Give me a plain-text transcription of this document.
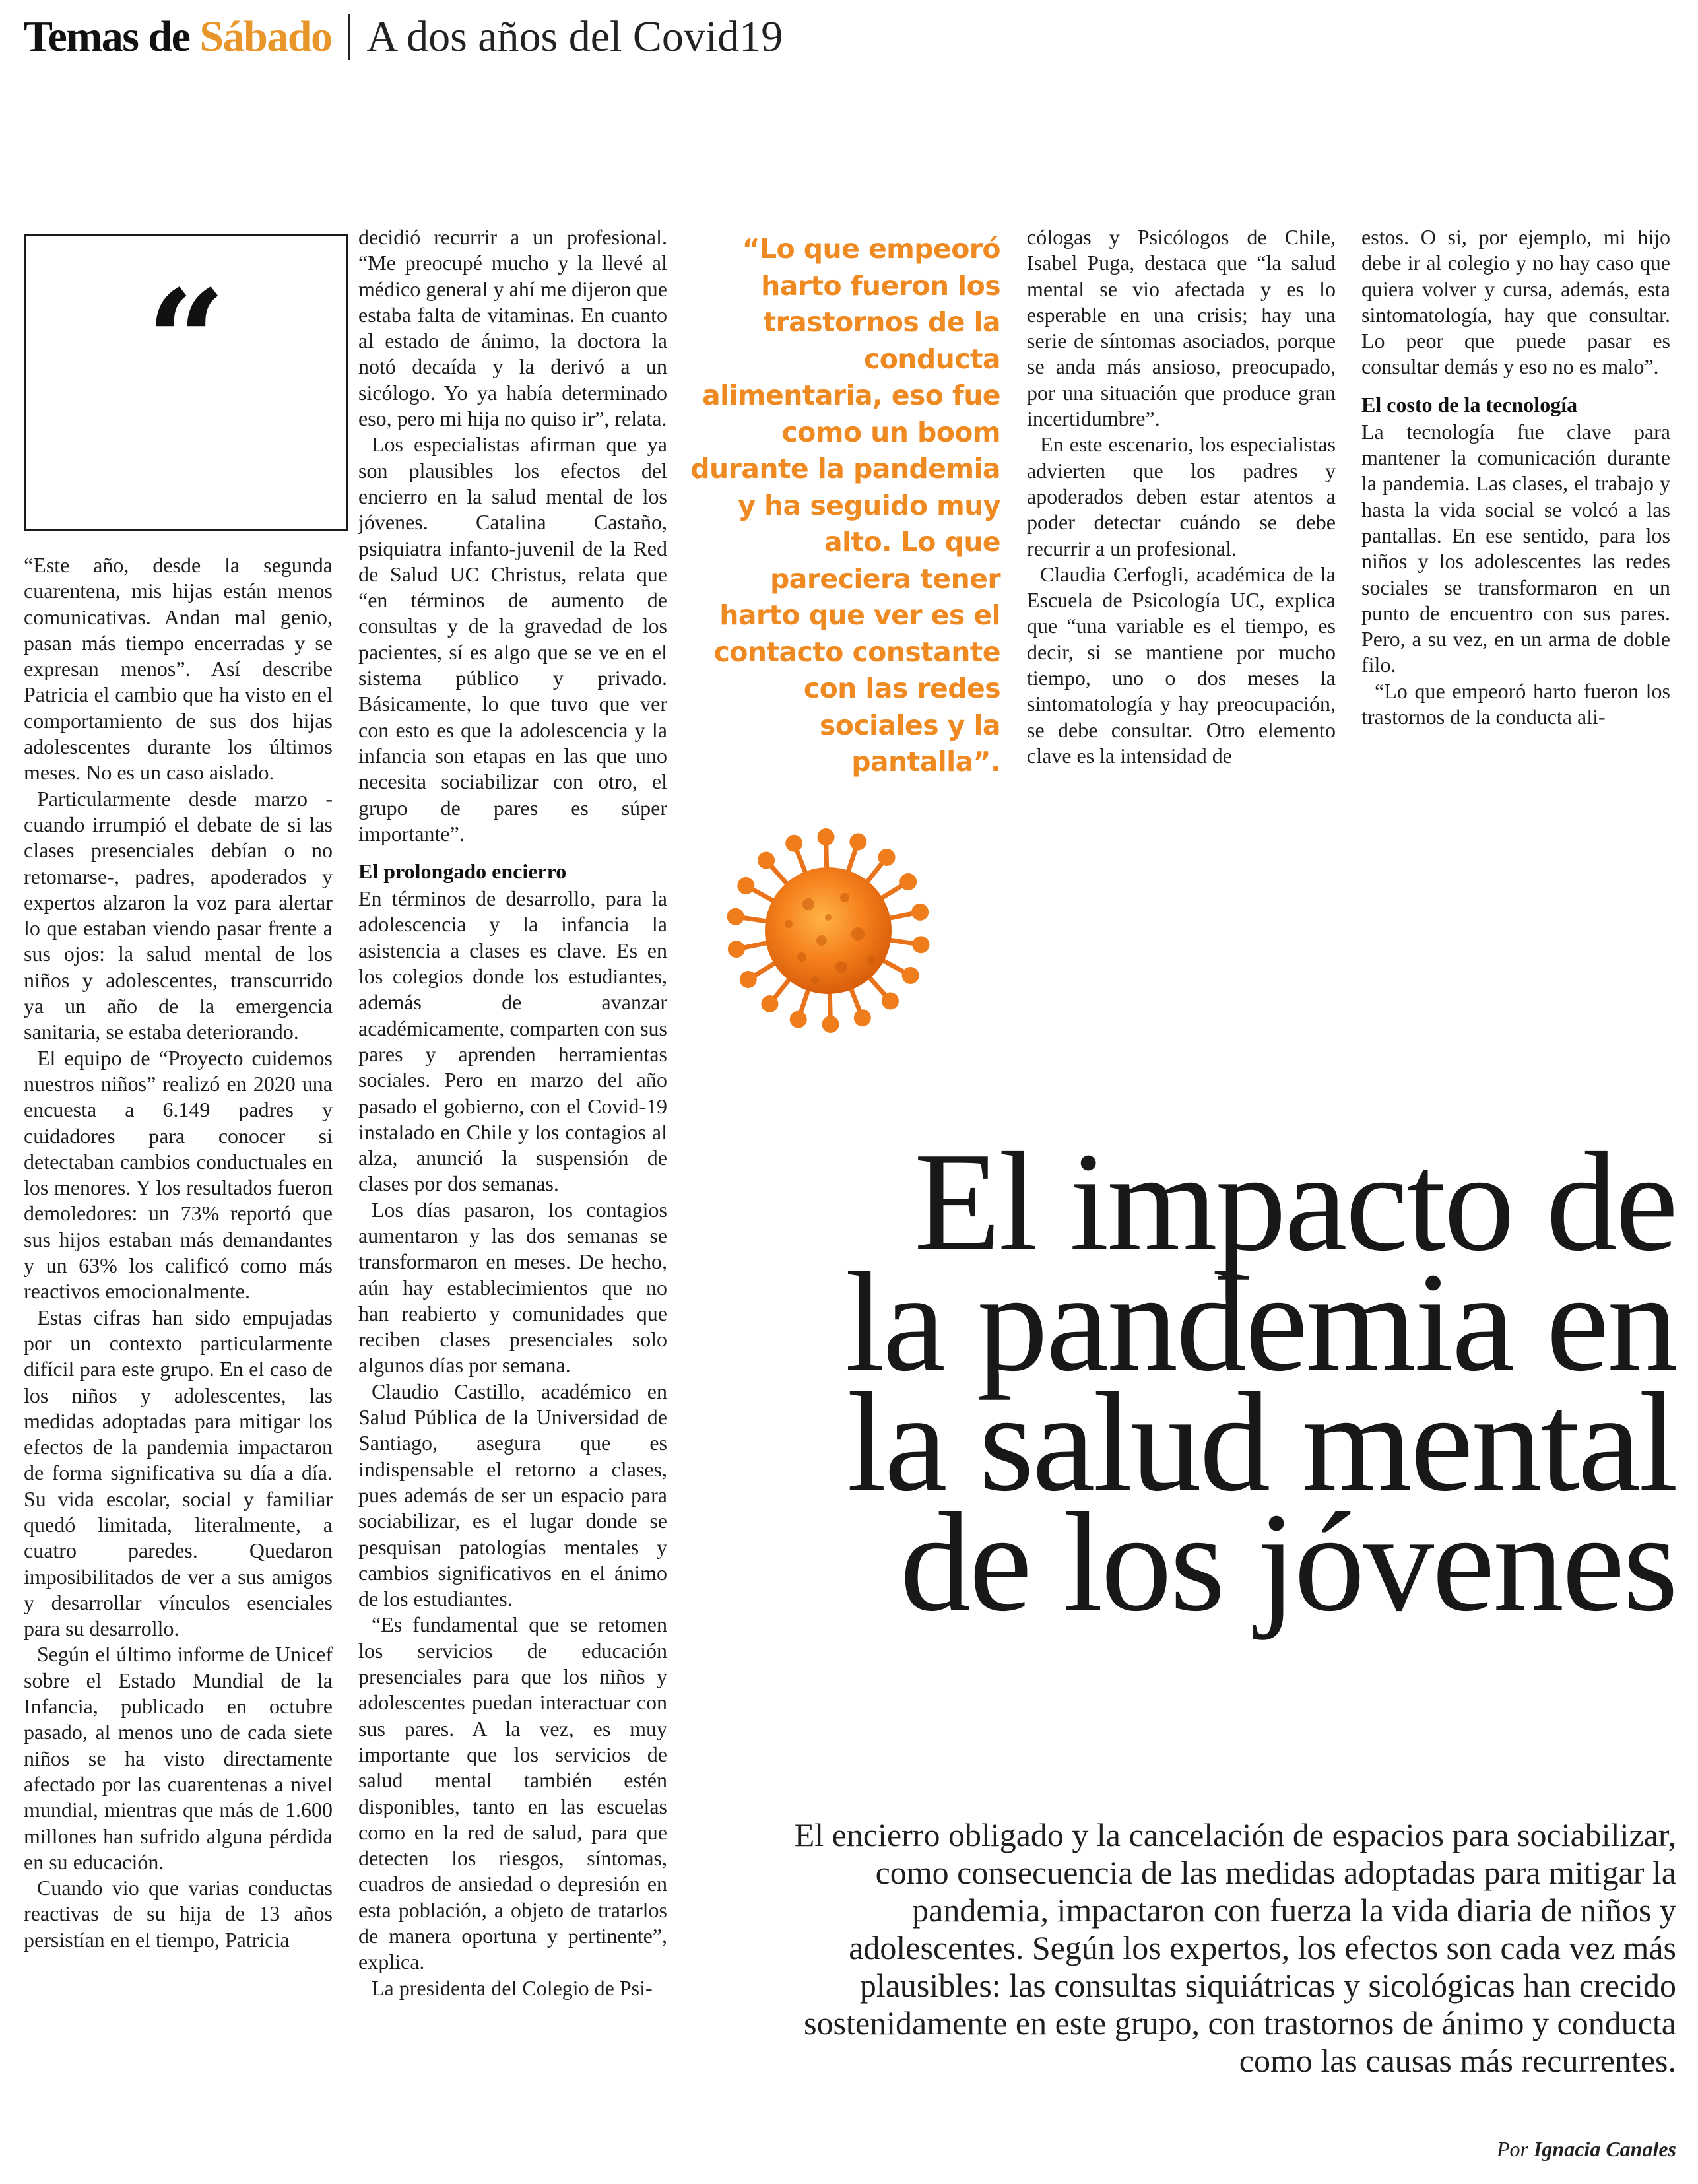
Temas de Sábado A dos años del Covid19
“

“Este año, desde la segunda cuarentena, mis hijas están menos comunicativas. Andan mal genio, pasan más tiempo encerradas y se expresan menos”. Así describe Patricia el cambio que ha visto en el comportamiento de sus dos hijas adolescentes durante los últimos meses. No es un caso aislado.

Particularmente desde marzo -cuando irrumpió el debate de si las clases presenciales debían o no retomarse-, padres, apoderados y expertos alzaron la voz para alertar lo que estaban viendo pasar frente a sus ojos: la salud mental de los niños y adolescentes, transcurrido ya un año de la emergencia sanitaria, se estaba deteriorando.

El equipo de “Proyecto cuidemos nuestros niños” realizó en 2020 una encuesta a 6.149 padres y cuidadores para conocer si detectaban cambios conductuales en los menores. Y los resultados fueron demoledores: un 73% reportó que sus hijos estaban más demandantes y un 63% los calificó como más reactivos emocionalmente.

Estas cifras han sido empujadas por un contexto particularmente difícil para este grupo. En el caso de los niños y adolescentes, las medidas adoptadas para mitigar los efectos de la pandemia impactaron de forma significativa su día a día. Su vida escolar, social y familiar quedó limitada, literalmente, a cuatro paredes. Quedaron imposibilitados de ver a sus amigos y desarrollar vínculos esenciales para su desarrollo.

Según el último informe de Unicef sobre el Estado Mundial de la Infancia, publicado en octubre pasado, al menos uno de cada siete niños se ha visto directamente afectado por las cuarentenas a nivel mundial, mientras que más de 1.600 millones han sufrido alguna pérdida en su educación.

Cuando vio que varias conductas reactivas de su hija de 13 años persistían en el tiempo, Patricia

decidió recurrir a un profesional. “Me preocupé mucho y la llevé al médico general y ahí me dijeron que estaba falta de vitaminas. En cuanto al estado de ánimo, la doctora la notó decaída y la derivó a un sicólogo. Yo ya había determinado eso, pero mi hija no quiso ir”, relata.

Los especialistas afirman que ya son plausibles los efectos del encierro en la salud mental de los jóvenes. Catalina Castaño, psiquiatra infanto-juvenil de la Red de Salud UC Christus, relata que “en términos de aumento de consultas y de la gravedad de los pacientes, sí es algo que se ve en el sistema público y privado. Básicamente, lo que tuvo que ver con esto es que la adolescencia y la infancia son etapas en las que uno necesita sociabilizar con otro, el grupo de pares es súper importante”.

El prolongado encierro

En términos de desarrollo, para la adolescencia y la infancia la asistencia a clases es clave. Es en los colegios donde los estudiantes, además de avanzar académicamente, comparten con sus pares y aprenden herramientas sociales. Pero en marzo del año pasado el gobierno, con el Covid-19 instalado en Chile y los contagios al alza, anunció la suspensión de clases por dos semanas.

Los días pasaron, los contagios aumentaron y las dos semanas se transformaron en meses. De hecho, aún hay establecimientos que no han reabierto y comunidades que reciben clases presenciales solo algunos días por semana.

Claudio Castillo, académico en Salud Pública de la Universidad de Santiago, asegura que es indispensable el retorno a clases, pues además de ser un espacio para sociabilizar, es el lugar donde se pesquisan patologías mentales y cambios significativos en el ánimo de los estudiantes.

“Es fundamental que se retomen los servicios de educación presenciales para que los niños y adolescentes puedan interactuar con sus pares. A la vez, es muy importante que los servicios de salud mental también estén disponibles, tanto en las escuelas como en la red de salud, para que detecten los riesgos, síntomas, cuadros de ansiedad o depresión en esta población, a objeto de tratarlos de manera oportuna y pertinente”, explica.

La presidenta del Colegio de Psi-

“Lo que empeoró harto fueron los trastornos de la conducta alimentaria, eso fue como un boom durante la pandemia y ha seguido muy alto. Lo que pareciera tener harto que ver es el contacto constante con las redes sociales y la pantalla”.

cólogas y Psicólogos de Chile, Isabel Puga, destaca que “la salud mental se vio afectada y es lo esperable en una crisis; hay una serie de síntomas asociados, porque se anda más ansioso, preocupado, por una situación que produce gran incertidumbre”.

En este escenario, los especialistas advierten que los padres y apoderados deben estar atentos a poder detectar cuándo se debe recurrir a un profesional.

Claudia Cerfogli, académica de la Escuela de Psicología UC, explica que “una variable es el tiempo, es decir, si se mantiene por mucho tiempo, uno o dos meses la sintomatología y hay preocupación, se debe consultar. Otro elemento clave es la intensidad de

estos. O si, por ejemplo, mi hijo debe ir al colegio y no hay caso que quiera volver y cursa, además, esta sintomatología, hay que consultar. Lo peor que puede pasar es consultar demás y eso no es malo”.

El costo de la tecnología

La tecnología fue clave para mantener la comunicación durante la pandemia. Las clases, el trabajo y hasta la vida social se volcó a las pantallas. En ese sentido, para los niños y los adolescentes las redes sociales se transformaron en un punto de encuentro con sus pares. Pero, a su vez, en un arma de doble filo.

“Lo que empeoró harto fueron los trastornos de la conducta ali-

El impacto de
la pandemia en
la salud mental
de los jóvenes
El encierro obligado y la cancelación de espacios para sociabilizar, como consecuencia de las medidas adoptadas para mitigar la pandemia, impactaron con fuerza la vida diaria de niños y adolescentes. Según los expertos, los efectos son cada vez más plausibles: las consultas siquiátricas y sicológicas han crecido sostenidamente en este grupo, con trastornos de ánimo y conducta como las causas más recurrentes.
Por Ignacia Canales
